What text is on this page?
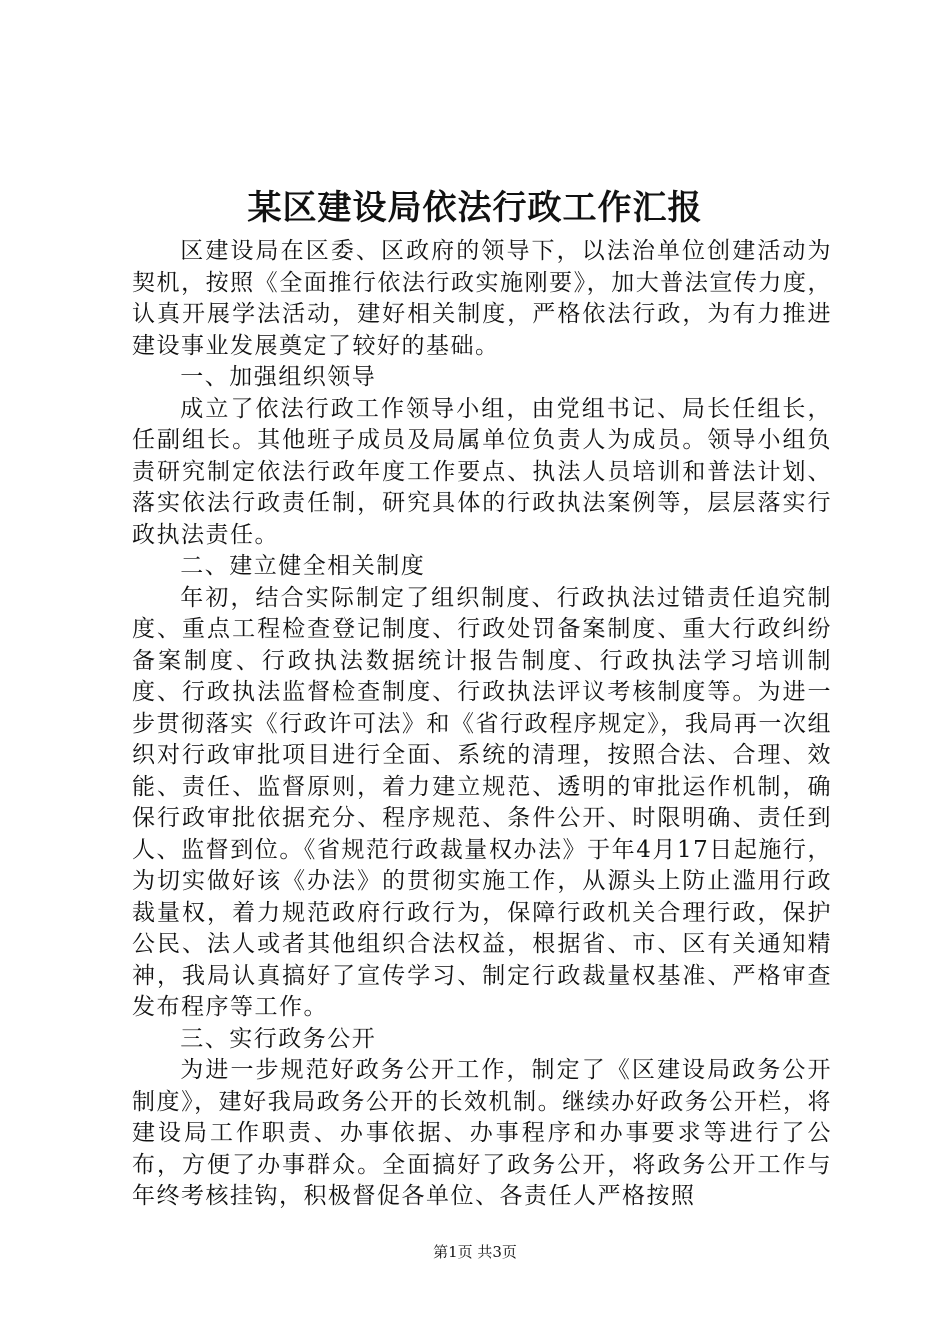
某区建设局依法行政工作汇报

区建设局在区委、区政府的领导下，以法治单位创建活动为契机，按照《全面推行依法行政实施刚要》，加大普法宣传力度，认真开展学法活动，建好相关制度，严格依法行政，为有力推进建设事业发展奠定了较好的基础。

一、加强组织领导

成立了依法行政工作领导小组，由党组书记、局长任组长，任副组长。其他班子成员及局属单位负责人为成员。领导小组负责研究制定依法行政年度工作要点、执法人员培训和普法计划、落实依法行政责任制，研究具体的行政执法案例等，层层落实行政执法责任。

二、建立健全相关制度

年初，结合实际制定了组织制度、行政执法过错责任追究制度、重点工程检查登记制度、行政处罚备案制度、重大行政纠纷备案制度、行政执法数据统计报告制度、行政执法学习培训制度、行政执法监督检查制度、行政执法评议考核制度等。为进一步贯彻落实《行政许可法》和《省行政程序规定》，我局再一次组织对行政审批项目进行全面、系统的清理，按照合法、合理、效能、责任、监督原则，着力建立规范、透明的审批运作机制，确保行政审批依据充分、程序规范、条件公开、时限明确、责任到人、监督到位。《省规范行政裁量权办法》于年4月17日起施行，为切实做好该《办法》的贯彻实施工作，从源头上防止滥用行政裁量权，着力规范政府行政行为，保障行政机关合理行政，保护公民、法人或者其他组织合法权益，根据省、市、区有关通知精神，我局认真搞好了宣传学习、制定行政裁量权基准、严格审查发布程序等工作。

三、实行政务公开

为进一步规范好政务公开工作，制定了《区建设局政务公开制度》，建好我局政务公开的长效机制。继续办好政务公开栏，将建设局工作职责、办事依据、办事程序和办事要求等进行了公布，方便了办事群众。全面搞好了政务公开，将政务公开工作与年终考核挂钩，积极督促各单位、各责任人严格按照

第1页 共3页
